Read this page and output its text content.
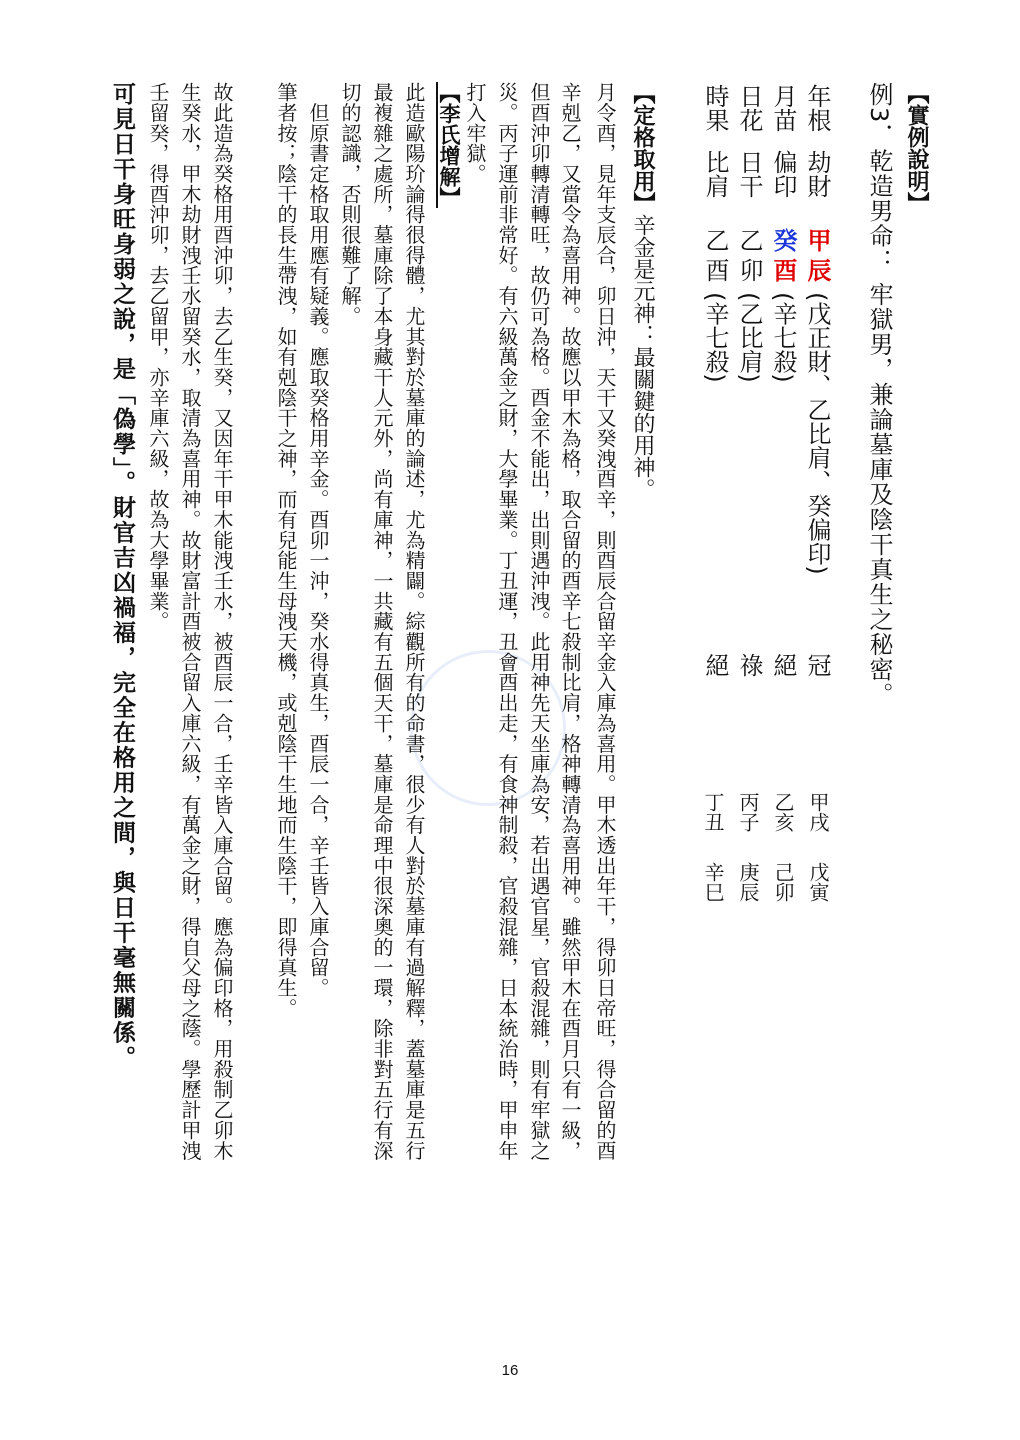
【實例說明】
例3．乾造男命： 牢獄男，兼論墓庫及陰干真生之秘密。
年根
劫財
甲
辰
(戊正財、乙比肩、癸偏印)
冠
月苗
偏印
癸
酉
(辛七殺)
絕
日花
日干
乙
卯
(乙比肩)
祿
時果
比肩
乙
酉
(辛七殺)
絕
甲戌
戊寅
乙亥
己卯
丙子
庚辰
丁丑
辛巳
【定格取用】辛金是元神：最關鍵的用神。
月令酉，見年支辰合，卯日沖，天干又癸洩酉辛，則酉辰合留辛金入庫為喜用。甲木透出年干，得卯日帝旺，得合留的酉
辛剋乙，又當令為喜用神。故應以甲木為格，取合留的酉辛七殺制比肩，格神轉清為喜用神。雖然甲木在酉月只有一級，
但酉沖卯轉清轉旺，故仍可為格。酉金不能出，出則遇沖洩。此用神先天坐庫為安，若出遇官星，官殺混雜，則有牢獄之
災。丙子運前非常好。有六級萬金之財，大學畢業。丁丑運，丑會酉出走，有食神制殺，官殺混雜，日本統治時，甲申年
打入牢獄。
【李氏增解】
此造歐陽玠論得很得體，尤其對於墓庫的論述，尤為精闢。綜觀所有的命書，很少有人對於墓庫有過解釋，蓋墓庫是五行
最複雜之處所，墓庫除了本身藏干人元外，尚有庫神，一共藏有五個天干，墓庫是命理中很深奧的一環，除非對五行有深
切的認識，否則很難了解。
　但原書定格取用應有疑義。應取癸格用辛金。酉卯一沖，癸水得真生，酉辰一合，辛壬皆入庫合留。
筆者按；陰干的長生帶洩，如有剋陰干之神，而有兒能生母洩天機，或剋陰干生地而生陰干，即得真生。
故此造為癸格用酉沖卯，去乙生癸，又因年干甲木能洩壬水，被酉辰一合，壬辛皆入庫合留。應為偏印格，用殺制乙卯木
生癸水，甲木劫財洩壬水留癸水，取清為喜用神。故財富計酉被合留入庫六級，有萬金之財，得自父母之蔭。學歷計甲洩
壬留癸，得酉沖卯，去乙留甲，亦辛庫六級，故為大學畢業。
可見日干身旺身弱之說，是「偽學」。財官吉凶禍福，完全在格用之間，與日干毫無關係。
16
